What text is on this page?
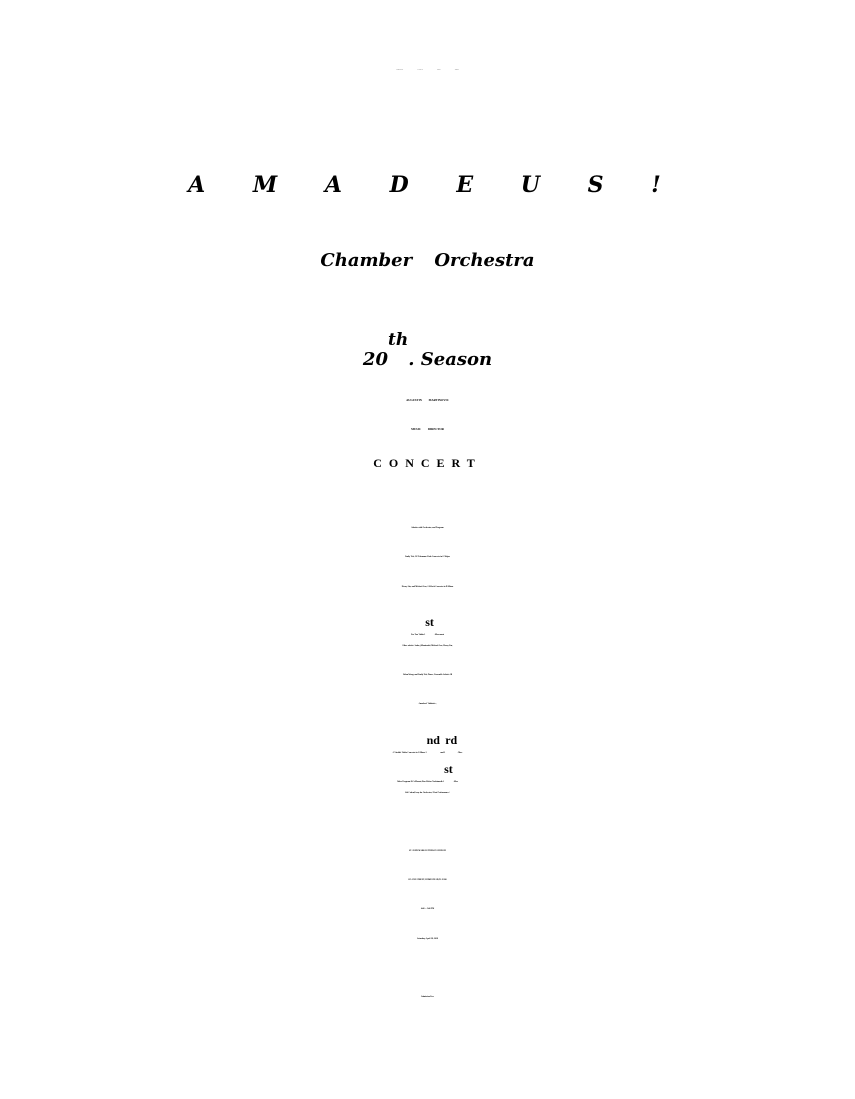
MARTINOVIC CLASSICAL MUSIC STUDIO
A M A D E U S !
Chamber Orchestra
20th. Season
AUGUSTIN MARTINOVIC
MUSIC DIRECTOR
CONCERT
Soloists with Orchestra, and Program
Emily Yeh, J.F.Telemann:Viola Concerto in G Major
Henry Lin, and Michael Gao, J.S.Bach Concerto in D Minor
For Two Violin 1st. Movement
Other soloist: Andrej Momiroski, Michael Gao, Henry Lin,
Yalun Wang, and Emily Yeh, Piano , Ensemble Soloist-All
Amadeus! Violinists ,
A.Vivaldi: Violin Concerto in A Minor 2nd.and 3rd. Mov.
Other Program:W.A.Mozart,Eine Kleine Nachtmusik 1st. Mov.
Sid Cohen,Essay for Orchestra,/ First Performance /
ST. JOHN MARK LUTHERAN CHURCH
225 ANN STREET, HOMESTEAD,PA 15120
4:00 -- 5:00 PM
Saturday, April 28, 2018
Admission Free
